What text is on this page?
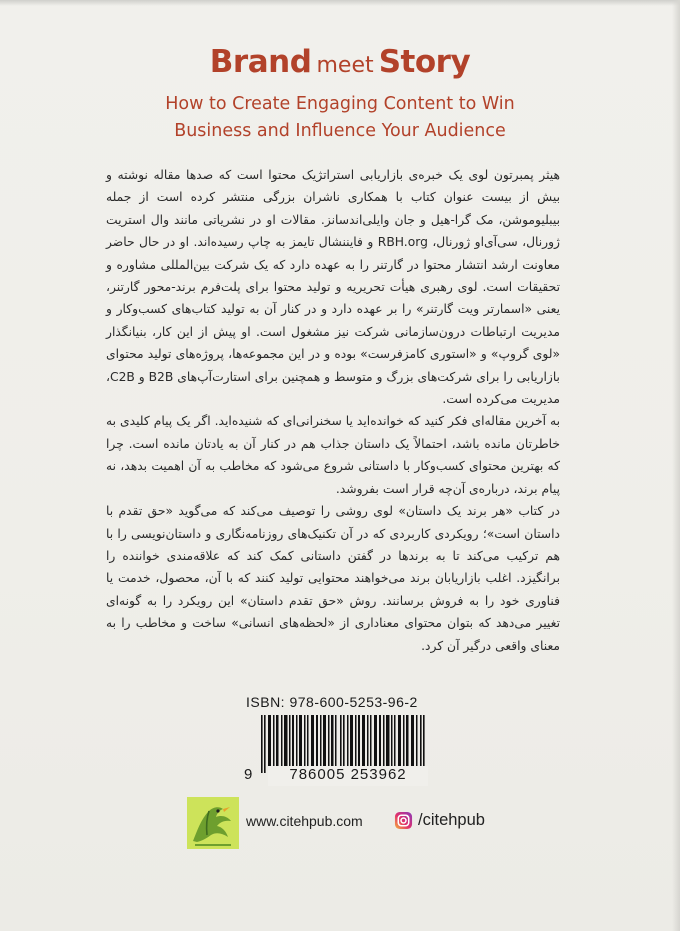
Brand meet Story
How to Create Engaging Content to Win
Business and Influence Your Audience

هیثر پمبرتون لوی یک خبره‌ی بازاریابی استراتژیک محتوا است که صدها مقاله نوشته و بیش از بیست عنوان کتاب با همکاری ناشران بزرگی منتشر کرده است از جمله بیبلیوموشن، مک گرا-هیل و جان وایلی‌اندسانز. مقالات او در نشریاتی مانند وال استریت ژورنال، سی‌آی‌او ژورنال، RBH.org و فایننشال تایمز به چاپ رسیده‌اند. او در حال حاضر معاونت ارشد انتشار محتوا در گارتنر را به عهده دارد که یک شرکت بین‌المللی مشاوره و تحقیقات است. لوی رهبری هیأت تحریریه و تولید محتوا برای پلت‌فرم برند-محور گارتنر، یعنی «اسمارتر ویت گارتنر» را بر عهده دارد و در کنار آن به تولید کتاب‌های کسب‌وکار و مدیریت ارتباطات درون‌سازمانی شرکت نیز مشغول است. او پیش از این کار، بنیانگذار «لوی گروپ» و «استوری کامز‌فرست» بوده و در این مجموعه‌ها، پروژه‌های تولید محتوای بازاریابی را برای شرکت‌های بزرگ و متوسط و همچنین برای استارت‌آپ‌های B2B و C2B، مدیریت می‌کرده است.

به آخرین مقاله‌ای فکر کنید که خوانده‌اید یا سخنرانی‌ای که شنیده‌اید. اگر یک پیام کلیدی به خاطرتان مانده باشد، احتمالاً یک داستان جذاب هم در کنار آن به یادتان مانده است. چرا که بهترین محتوای کسب‌وکار با داستانی شروع می‌شود که مخاطب به آن اهمیت بدهد، نه پیام برند، درباره‌ی آن‌چه قرار است بفروشد.

در کتاب «هر برند یک داستان» لوی روشی را توصیف می‌کند که می‌گوید «حق تقدم با داستان است»؛ رویکردی کاربردی که در آن تکنیک‌های روزنامه‌نگاری و داستان‌نویسی را با هم ترکیب می‌کند تا به برندها در گفتن داستانی کمک کند که علاقه‌مندی خواننده را برانگیزد. اغلب بازاریابان برند می‌خواهند محتوایی تولید کنند که با آن، محصول، خدمت یا فناوری خود را به فروش برسانند. روش «حق تقدم داستان» این رویکرد را به گونه‌ای تغییر می‌دهد که بتوان محتوای معناداری از «لحظه‌های انسانی» ساخت و مخاطب را به معنای واقعی درگیر آن کرد.

ISBN: 978-600-5253-96-2
9	786005 253962
www.citehpub.com	/citehpub
